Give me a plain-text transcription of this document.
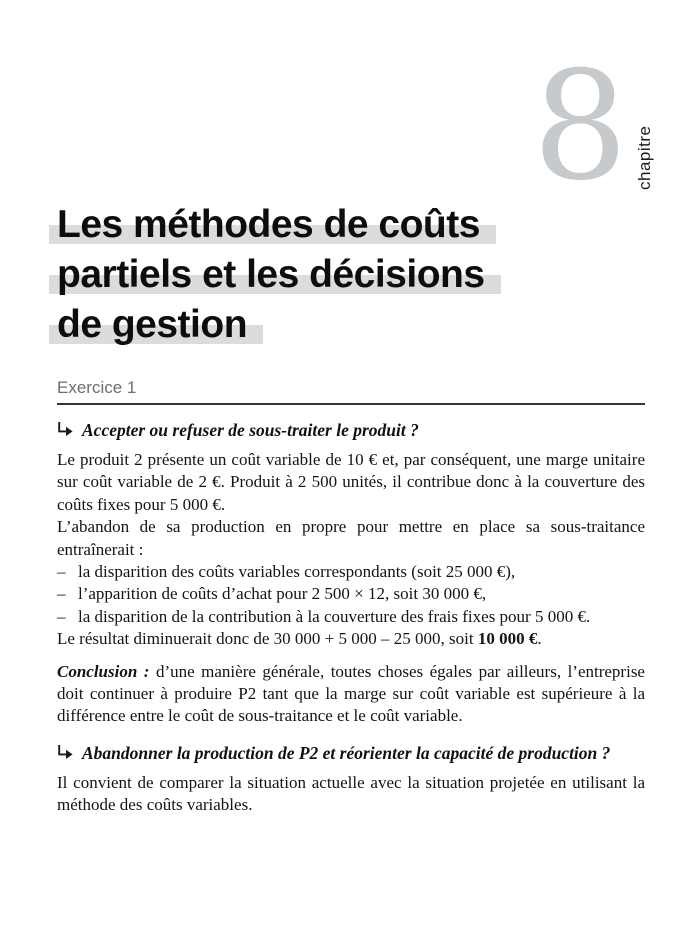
8 chapitre
Les méthodes de coûts
partiels et les décisions
de gestion
Exercice 1
Accepter ou refuser de sous-traiter le produit ?

Le produit 2 présente un coût variable de 10 € et, par conséquent, une marge unitaire sur coût variable de 2 €. Produit à 2 500 unités, il contribue donc à la couverture des coûts fixes pour 5 000 €.

L’abandon de sa production en propre pour mettre en place sa sous-traitance entraînerait :

– la disparition des coûts variables correspondants (soit 25 000 €),
– l’apparition de coûts d’achat pour 2 500 × 12, soit 30 000 €,
– la disparition de la contribution à la couverture des frais fixes pour 5 000 €.

Le résultat diminuerait donc de 30 000 + 5 000 – 25 000, soit 10 000 €.

Conclusion : d’une manière générale, toutes choses égales par ailleurs, l’entreprise doit continuer à produire P2 tant que la marge sur coût variable est supérieure à la différence entre le coût de sous-traitance et le coût variable.

Abandonner la production de P2 et réorienter la capacité de production ?

Il convient de comparer la situation actuelle avec la situation projetée en utilisant la méthode des coûts variables.
